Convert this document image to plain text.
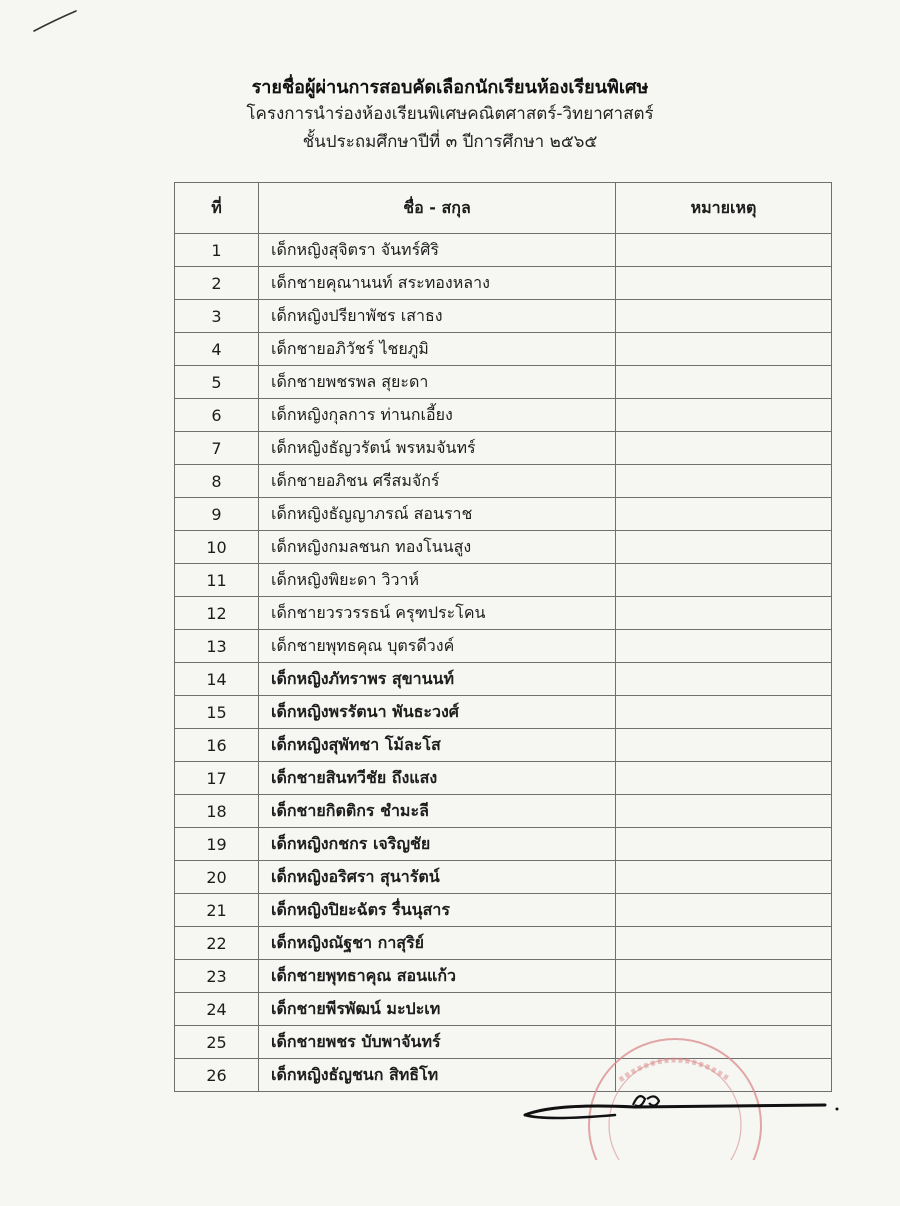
รายชื่อผู้ผ่านการสอบคัดเลือกนักเรียนห้องเรียนพิเศษ
โครงการนำร่องห้องเรียนพิเศษคณิตศาสตร์-วิทยาศาสตร์
ชั้นประถมศึกษาปีที่ ๓ ปีการศึกษา ๒๕๖๕
ที่	ชื่อ - สกุล	หมายเหตุ
1	เด็กหญิงสุจิตรา จันทร์ศิริ	
2	เด็กชายคุณานนท์ สระทองหลาง	
3	เด็กหญิงปรียาพัชร เสาธง	
4	เด็กชายอภิวัชร์ ไชยภูมิ	
5	เด็กชายพชรพล สุยะดา	
6	เด็กหญิงกุลการ ท่านกเอี้ยง	
7	เด็กหญิงธัญวรัตน์ พรหมจันทร์	
8	เด็กชายอภิชน ศรีสมจักร์	
9	เด็กหญิงธัญญาภรณ์ สอนราช	
10	เด็กหญิงกมลชนก ทองโนนสูง	
11	เด็กหญิงพิยะดา วิวาห์	
12	เด็กชายวรวรรธน์ ครุฑประโคน	
13	เด็กชายพุทธคุณ บุตรดีวงค์	
14	เด็กหญิงภัทราพร สุขานนท์	
15	เด็กหญิงพรรัตนา พันธะวงศ์	
16	เด็กหญิงสุพัทชา โม้ละโส	
17	เด็กชายสินทวีชัย ถึงแสง	
18	เด็กชายกิตติกร ชำมะลี	
19	เด็กหญิงกชกร เจริญชัย	
20	เด็กหญิงอริศรา สุนารัตน์	
21	เด็กหญิงปิยะฉัตร รื่นนุสาร	
22	เด็กหญิงณัฐชา กาสุริย์	
23	เด็กชายพุทธาคุณ สอนแก้ว	
24	เด็กชายพีรพัฒน์ มะปะเท	
25	เด็กชายพชร บับพาจันทร์	
26	เด็กหญิงธัญชนก สิทธิโท	
